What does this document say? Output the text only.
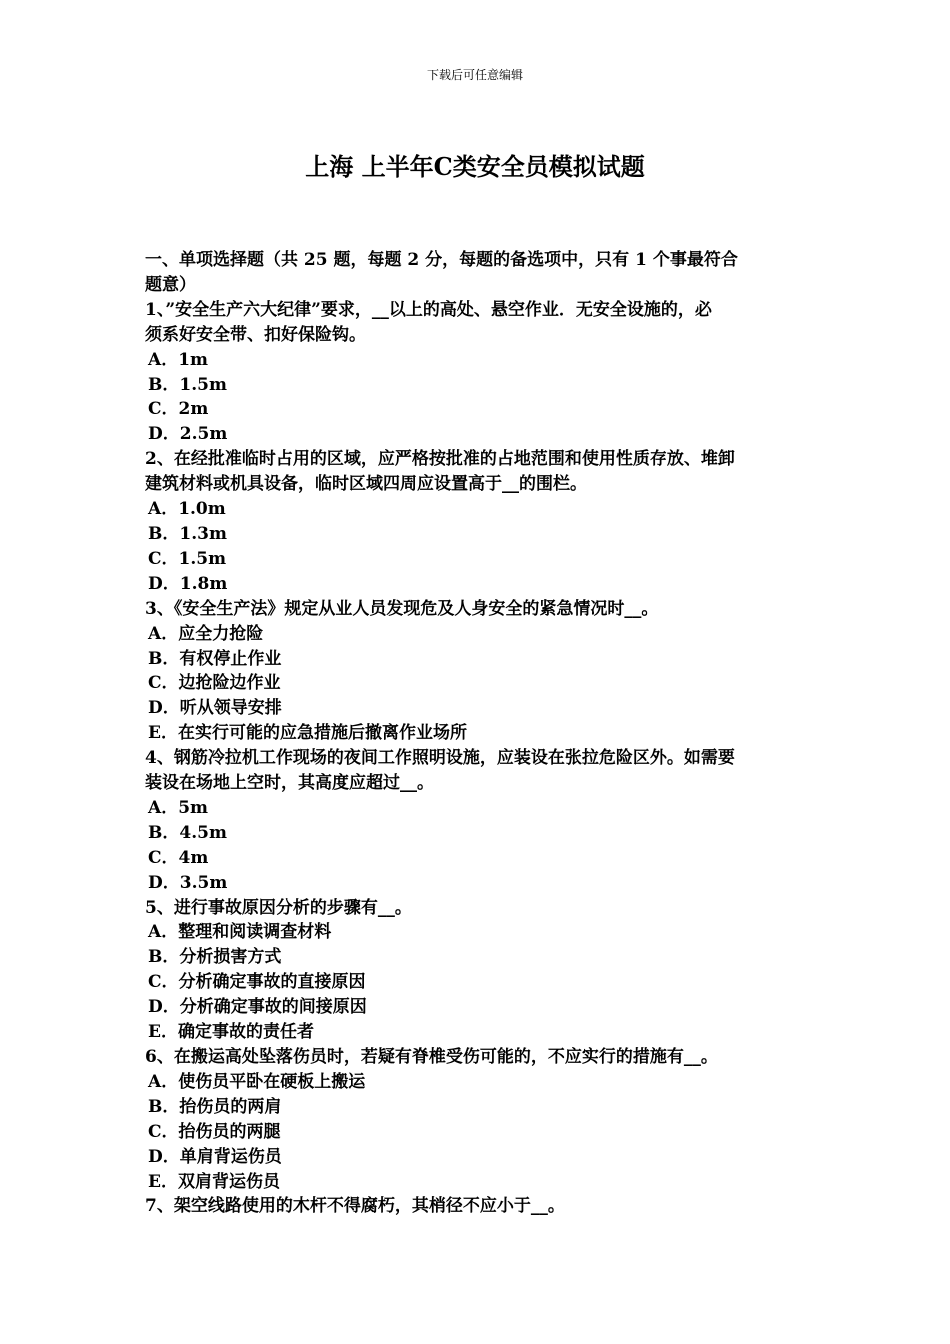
下载后可任意编辑
上海 上半年C类安全员模拟试题
一、单项选择题（共 25 题，每题 2 分，每题的备选项中，只有 1 个事最符合
题意）
1、”安全生产六大纪律”要求，__以上的高处、悬空作业．无安全设施的，必
须系好安全带、扣好保险钩。
A．1m
B．1.5m
C．2m
D．2.5m
2、在经批准临时占用的区域，应严格按批准的占地范围和使用性质存放、堆卸
建筑材料或机具设备，临时区域四周应设置高于__的围栏。
A．1.0m
B．1.3m
C．1.5m
D．1.8m
3、《安全生产法》规定从业人员发现危及人身安全的紧急情况时__。
A．应全力抢险
B．有权停止作业
C．边抢险边作业
D．听从领导安排
E．在实行可能的应急措施后撤离作业场所
4、钢筋冷拉机工作现场的夜间工作照明设施，应装设在张拉危险区外。如需要
装设在场地上空时，其高度应超过__。
A．5m
B．4.5m
C．4m
D．3.5m
5、进行事故原因分析的步骤有__。
A．整理和阅读调查材料
B．分析损害方式
C．分析确定事故的直接原因
D．分析确定事故的间接原因
E．确定事故的责任者
6、在搬运高处坠落伤员时，若疑有脊椎受伤可能的，不应实行的措施有__。
A．使伤员平卧在硬板上搬运
B．抬伤员的两肩
C．抬伤员的两腿
D．单肩背运伤员
E．双肩背运伤员
7、架空线路使用的木杆不得腐朽，其梢径不应小于__。
